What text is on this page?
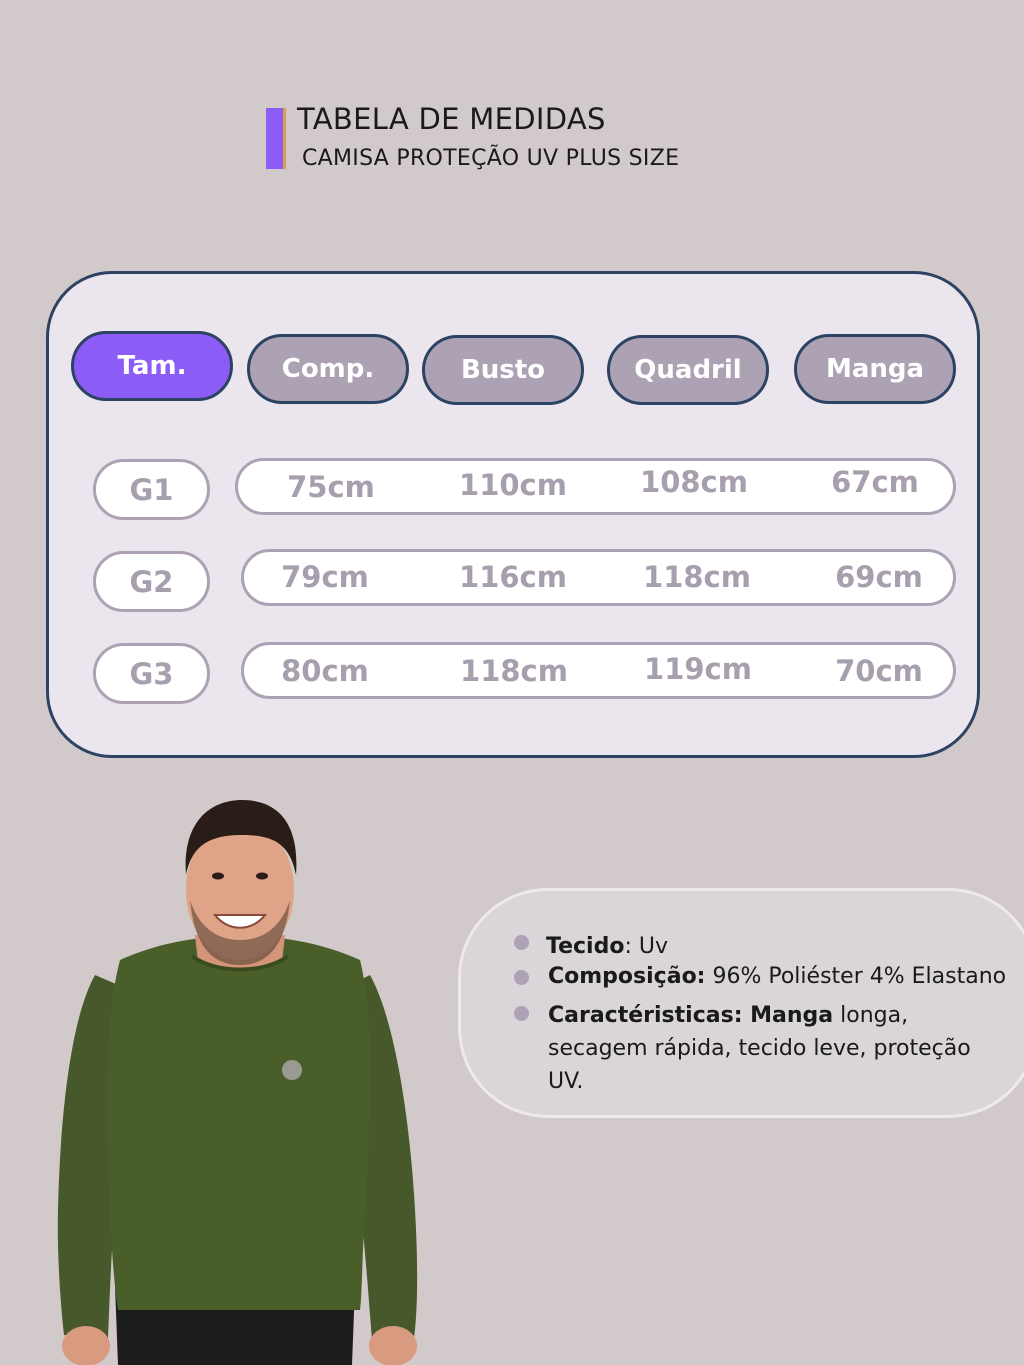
TABELA DE MEDIDAS
CAMISA PROTEÇÃO UV PLUS SIZE
Tam.	Comp.	Busto	Quadril	Manga
G1	75cm	110cm	108cm	67cm
G2	79cm	116cm	118cm	69cm
G3	80cm	118cm	119cm	70cm
Tecido: Uv
Composição: 96% Poliéster 4% Elastano
Caractéristicas: Manga longa,
secagem rápida, tecido leve, proteção
UV.
